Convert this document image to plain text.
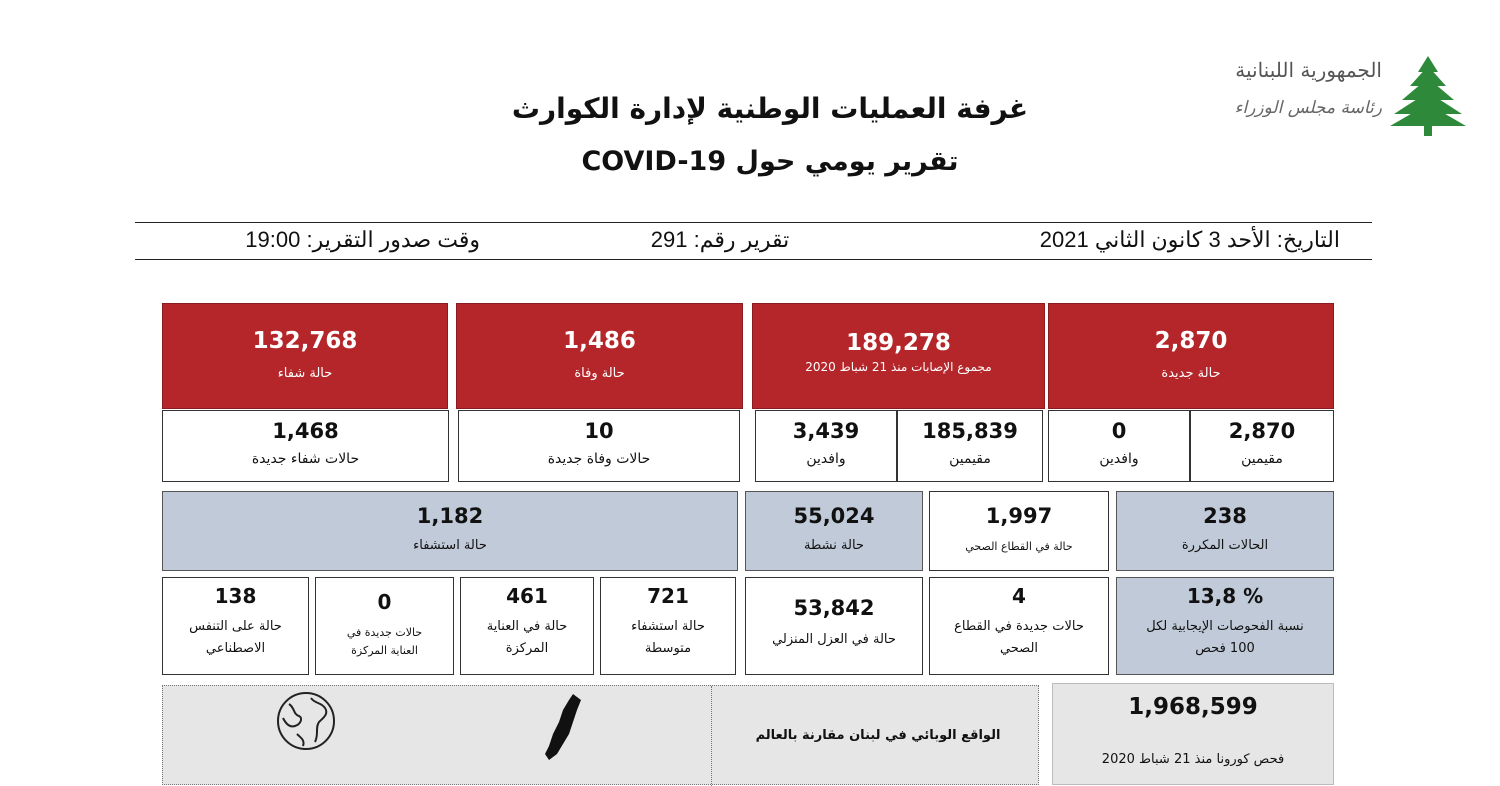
الجمهورية اللبنانية
رئاسة مجلس الوزراء
غرفة العمليات الوطنية لإدارة الكوارث
تقرير يومي حول COVID-19
التاريخ: الأحد 3 كانون الثاني 2021
تقرير رقم: 291
وقت صدور التقرير: 19:00
2,870
حالة جديدة
189,278
مجموع الإصابات منذ 21 شباط 2020
1,486
حالة وفاة
132,768
حالة شفاء
2,870
مقيمين
0
وافدين
185,839
مقيمين
3,439
وافدين
10
حالات وفاة جديدة
1,468
حالات شفاء جديدة
238
الحالات المكررة
1,997
حالة في القطاع الصحي
55,024
حالة نشطة
1,182
حالة استشفاء
13,8 %
نسبة الفحوصات الإيجابية لكل 100 فحص
4
حالات جديدة في القطاع الصحي
53,842
حالة في العزل المنزلي
721
حالة استشفاء متوسطة
461
حالة في العناية المركزة
0
حالات جديدة في العناية المركزة
138
حالة على التنفس الاصطناعي
1,968,599
فحص كورونا منذ 21 شباط 2020
الواقع الوبائي في لبنان مقارنة بالعالم
